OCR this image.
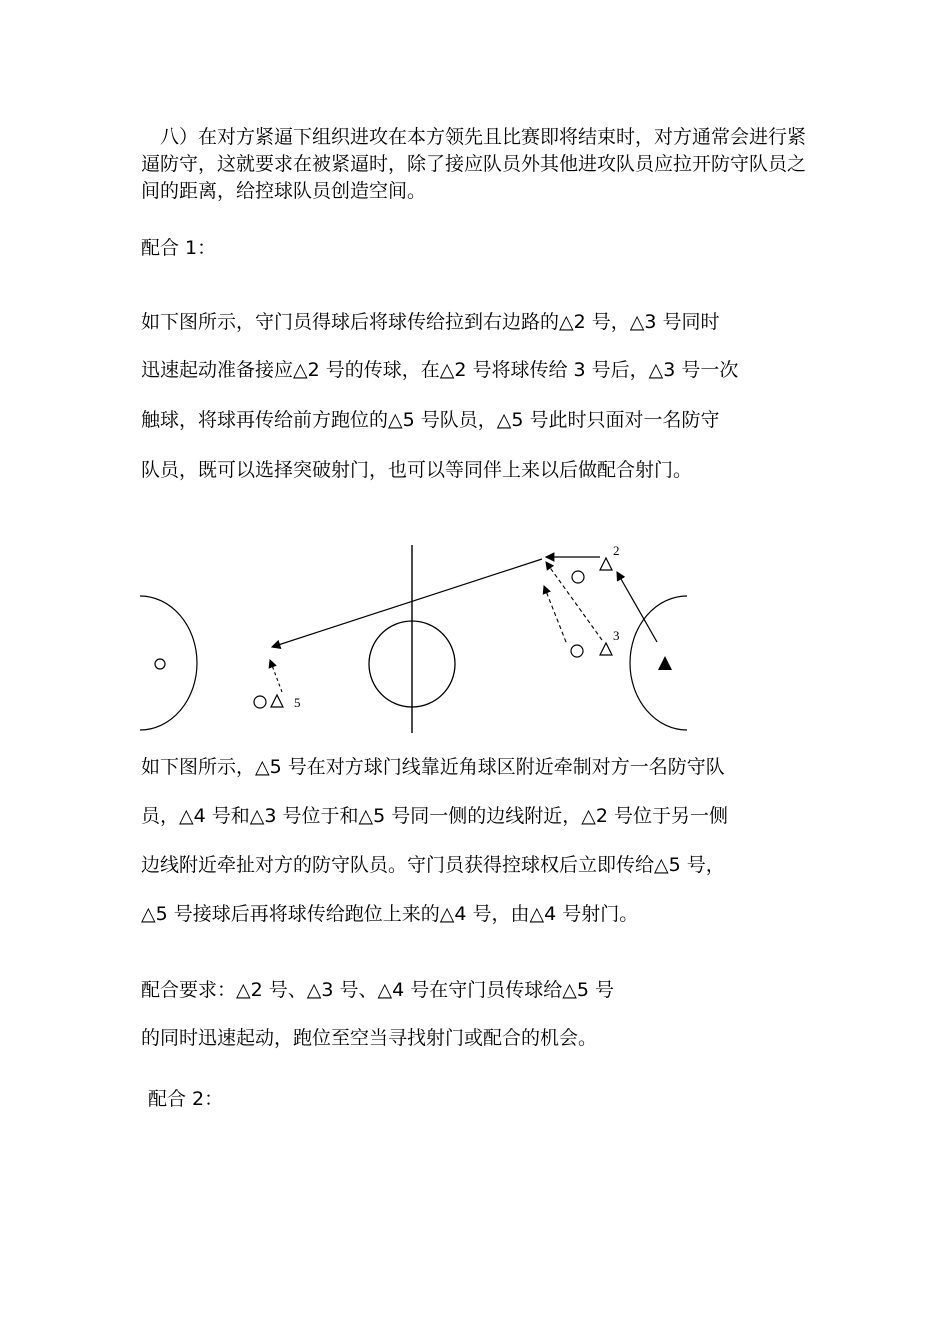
八）在对方紧逼下组织进攻在本方领先且比赛即将结束时，对方通常会进行紧逼防守，这就要求在被紧逼时，除了接应队员外其他进攻队员应拉开防守队员之间的距离，给控球队员创造空间。

配合 1：

如下图所示，守门员得球后将球传给拉到右边路的△2 号，△3 号同时

迅速起动准备接应△2 号的传球，在△2 号将球传给 3 号后，△3 号一次

触球，将球再传给前方跑位的△5 号队员，△5 号此时只面对一名防守

队员，既可以选择突破射门，也可以等同伴上来以后做配合射门。

2
3
5

如下图所示，△5 号在对方球门线靠近角球区附近牵制对方一名防守队

员，△4 号和△3 号位于和△5 号同一侧的边线附近，△2 号位于另一侧

边线附近牵扯对方的防守队员。守门员获得控球权后立即传给△5 号，

△5 号接球后再将球传给跑位上来的△4 号，由△4 号射门。

配合要求：△2 号、△3 号、△4 号在守门员传球给△5 号

的同时迅速起动，跑位至空当寻找射门或配合的机会。

配合 2：
